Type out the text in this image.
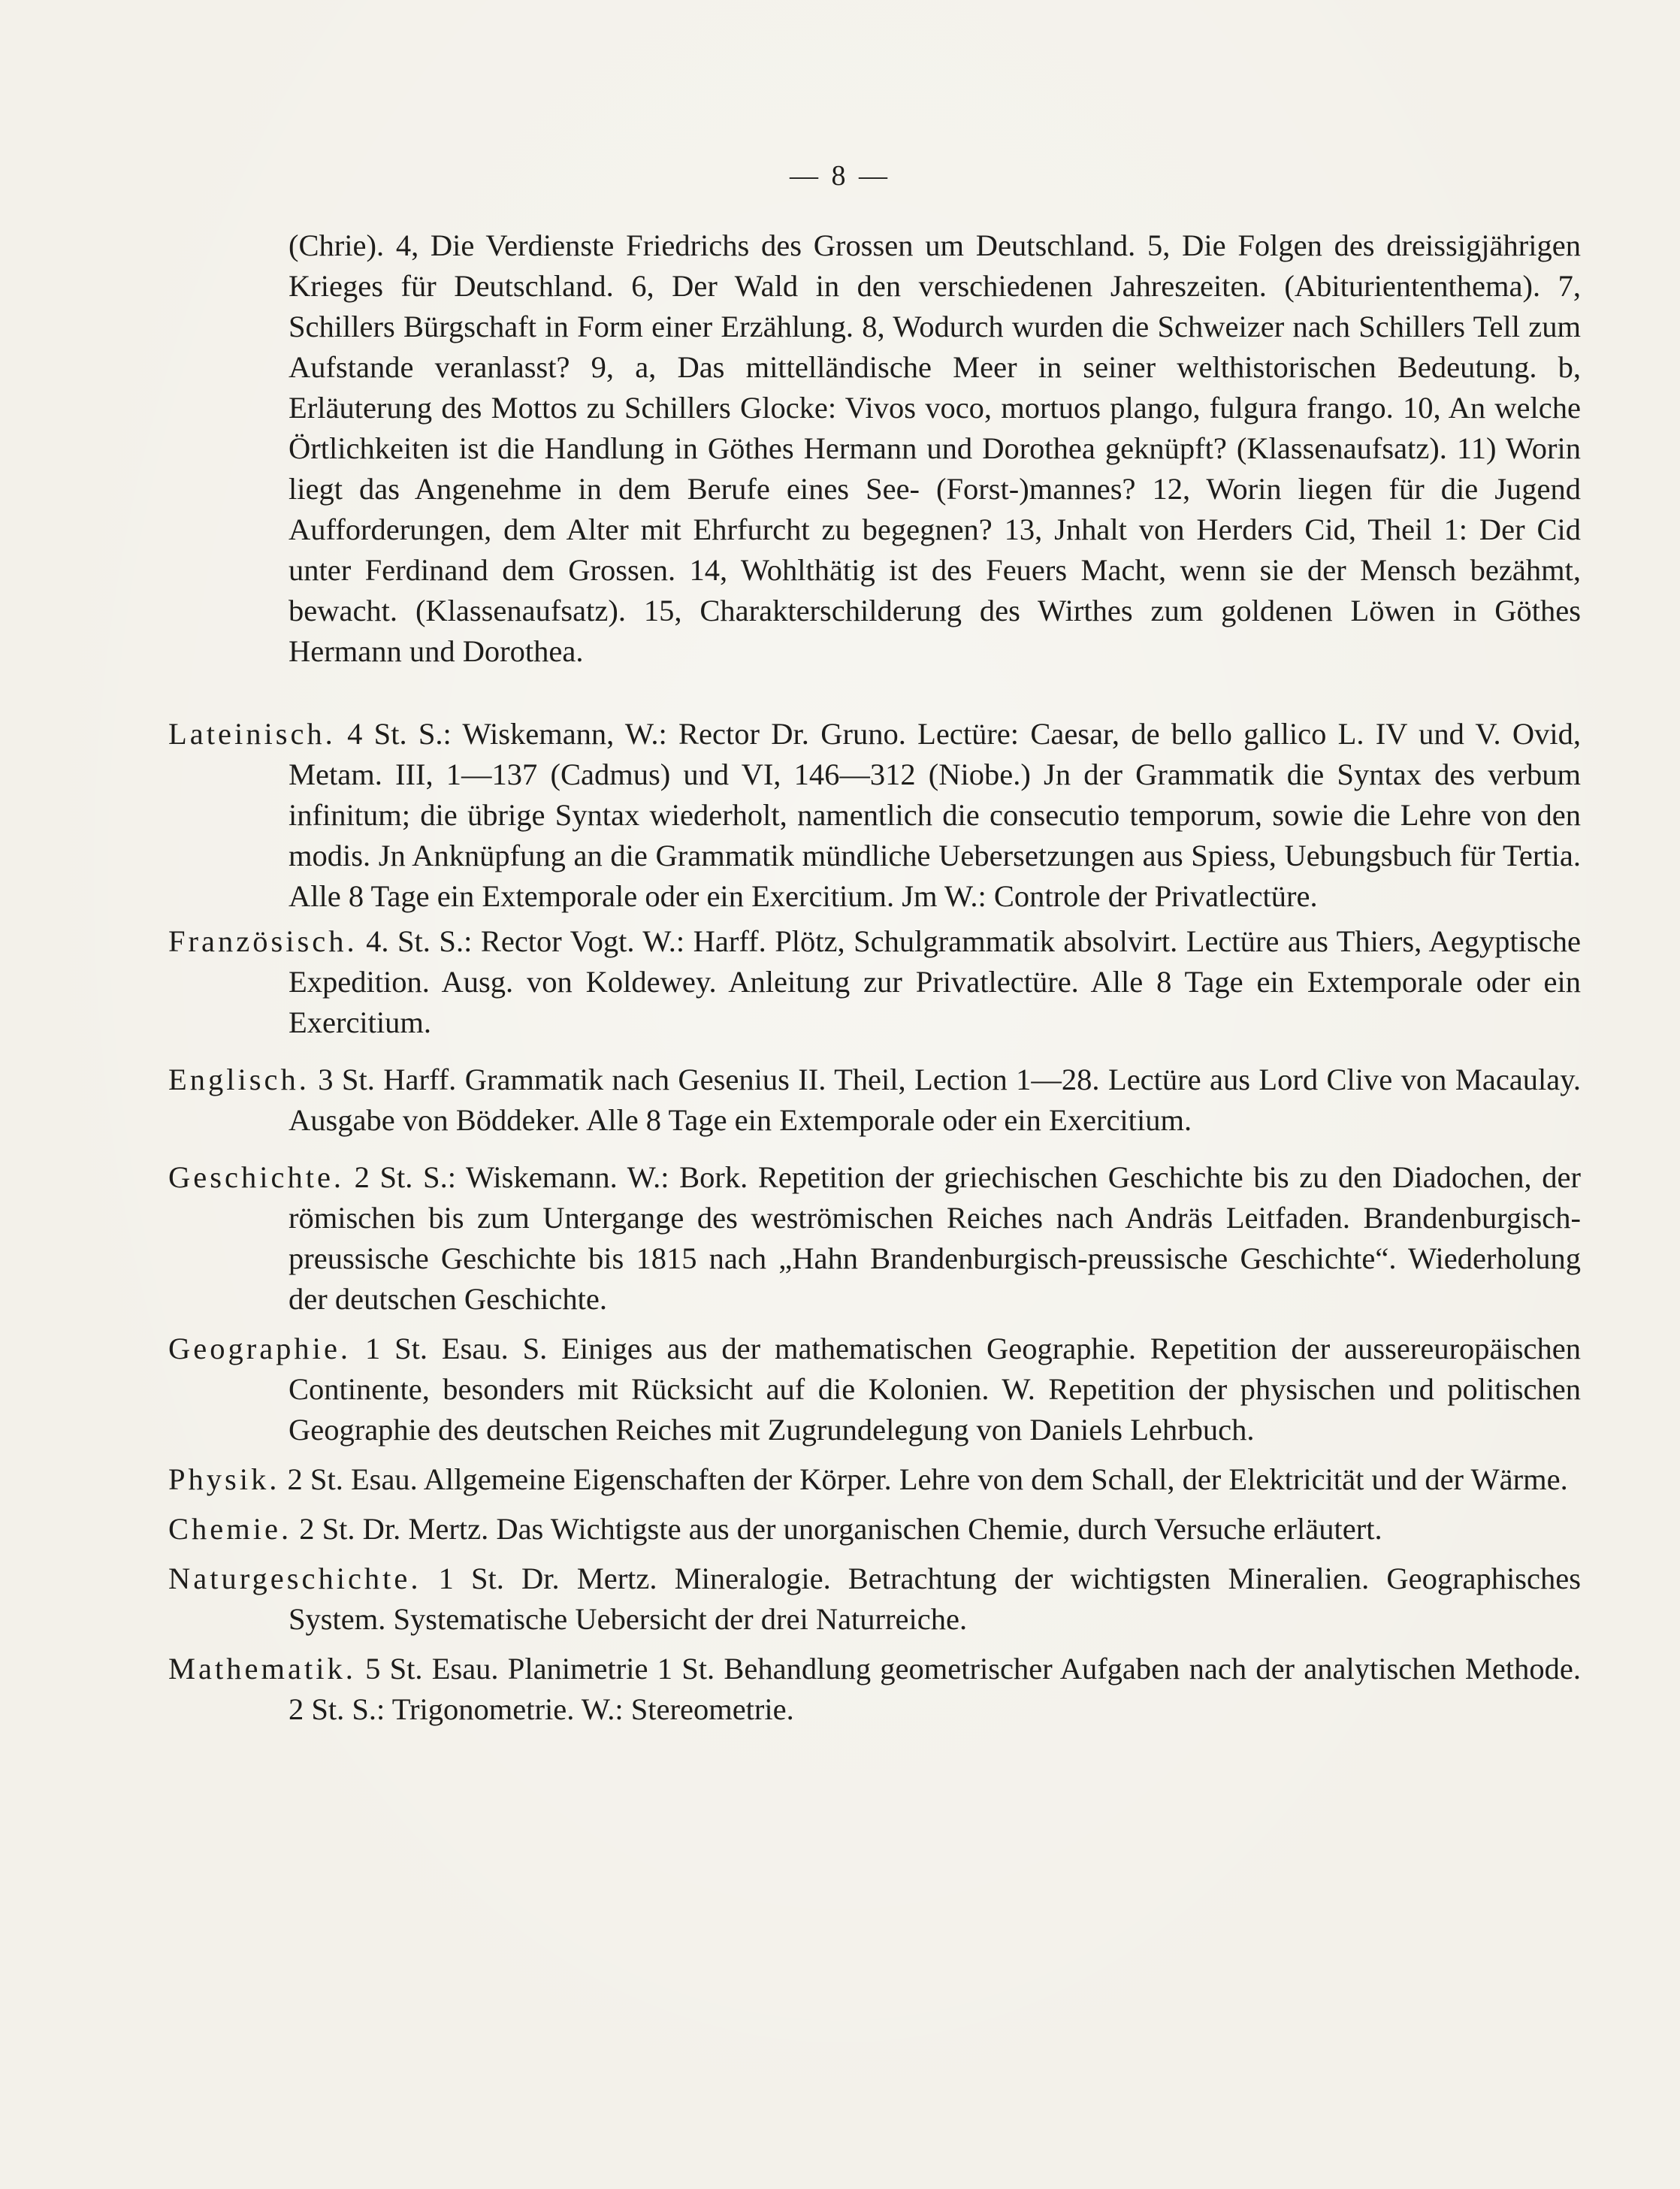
— 8 —
(Chrie). 4, Die Verdienste Friedrichs des Grossen um Deutschland. 5, Die Folgen des dreissigjährigen Krieges für Deutschland. 6, Der Wald in den verschiedenen Jahreszeiten. (Abituriententhema). 7, Schillers Bürgschaft in Form einer Erzählung. 8, Wodurch wurden die Schweizer nach Schillers Tell zum Aufstande veranlasst? 9, a, Das mittelländische Meer in seiner welthistorischen Bedeutung. b, Erläuterung des Mottos zu Schillers Glocke: Vivos voco, mortuos plango, fulgura frango. 10, An welche Örtlichkeiten ist die Handlung in Göthes Hermann und Dorothea geknüpft? (Klassenaufsatz). 11) Worin liegt das Angenehme in dem Berufe eines See- (Forst-)mannes? 12, Worin liegen für die Jugend Aufforderungen, dem Alter mit Ehrfurcht zu begegnen? 13, Jnhalt von Herders Cid, Theil 1: Der Cid unter Ferdinand dem Grossen. 14, Wohlthätig ist des Feuers Macht, wenn sie der Mensch bezähmt, bewacht. (Klassenaufsatz). 15, Charakterschilderung des Wirthes zum goldenen Löwen in Göthes Hermann und Dorothea.

Lateinisch. 4 St. S.: Wiskemann, W.: Rector Dr. Gruno. Lectüre: Caesar, de bello gallico L. IV und V. Ovid, Metam. III, 1—137 (Cadmus) und VI, 146—312 (Niobe.) Jn der Grammatik die Syntax des verbum infinitum; die übrige Syntax wiederholt, namentlich die consecutio temporum, sowie die Lehre von den modis. Jn Anknüpfung an die Grammatik mündliche Uebersetzungen aus Spiess, Uebungsbuch für Tertia. Alle 8 Tage ein Extemporale oder ein Exercitium. Jm W.: Controle der Privatlectüre.

Französisch. 4. St. S.: Rector Vogt. W.: Harff. Plötz, Schulgrammatik absolvirt. Lectüre aus Thiers, Aegyptische Expedition. Ausg. von Koldewey. Anleitung zur Privatlectüre. Alle 8 Tage ein Extemporale oder ein Exercitium.

Englisch. 3 St. Harff. Grammatik nach Gesenius II. Theil, Lection 1—28. Lectüre aus Lord Clive von Macaulay. Ausgabe von Böddeker. Alle 8 Tage ein Extemporale oder ein Exercitium.

Geschichte. 2 St. S.: Wiskemann. W.: Bork. Repetition der griechischen Geschichte bis zu den Diadochen, der römischen bis zum Untergange des weströmischen Reiches nach Andräs Leitfaden. Brandenburgisch-preussische Geschichte bis 1815 nach „Hahn Brandenburgisch-preussische Geschichte“. Wiederholung der deutschen Geschichte.

Geographie. 1 St. Esau. S. Einiges aus der mathematischen Geographie. Repetition der aussereuropäischen Continente, besonders mit Rücksicht auf die Kolonien. W. Repetition der physischen und politischen Geographie des deutschen Reiches mit Zugrundelegung von Daniels Lehrbuch.

Physik. 2 St. Esau. Allgemeine Eigenschaften der Körper. Lehre von dem Schall, der Elektricität und der Wärme.

Chemie. 2 St. Dr. Mertz. Das Wichtigste aus der unorganischen Chemie, durch Versuche erläutert.

Naturgeschichte. 1 St. Dr. Mertz. Mineralogie. Betrachtung der wichtigsten Mineralien. Geographisches System. Systematische Uebersicht der drei Naturreiche.

Mathematik. 5 St. Esau. Planimetrie 1 St. Behandlung geometrischer Aufgaben nach der analytischen Methode. 2 St. S.: Trigonometrie. W.: Stereometrie.
